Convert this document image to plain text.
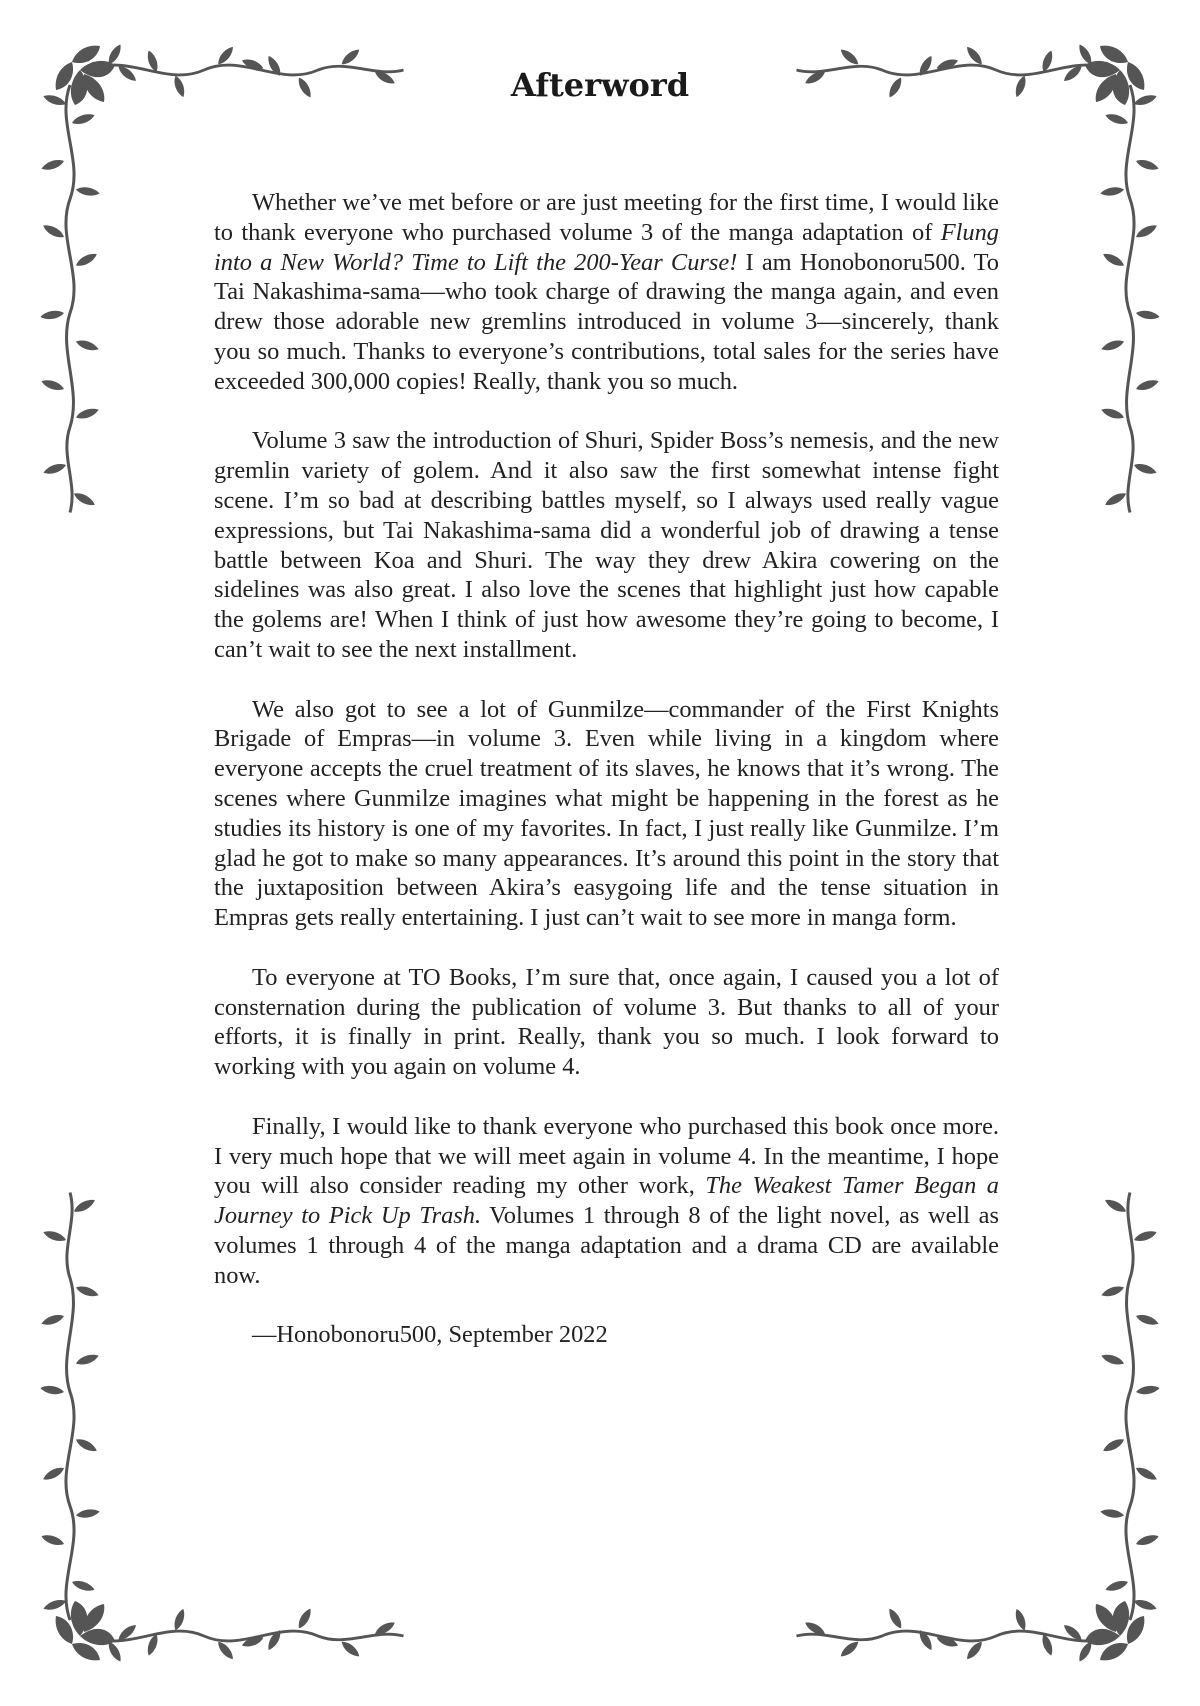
Afterword

Whether we’ve met before or are just meeting for the first time, I would like to thank everyone who purchased volume 3 of the manga adaptation of Flung into a New World? Time to Lift the 200-Year Curse! I am Honobonoru500. To Tai Nakashima-sama—who took charge of drawing the manga again, and even drew those adorable new gremlins introduced in volume 3—sincerely, thank you so much. Thanks to everyone’s contributions, total sales for the series have exceeded 300,000 copies! Really, thank you so much.

Volume 3 saw the introduction of Shuri, Spider Boss’s nemesis, and the new gremlin variety of golem. And it also saw the first somewhat intense fight scene. I’m so bad at describing battles myself, so I always used really vague expressions, but Tai Nakashima-sama did a wonderful job of drawing a tense battle between Koa and Shuri. The way they drew Akira cowering on the sidelines was also great. I also love the scenes that highlight just how capable the golems are! When I think of just how awesome they’re going to become, I can’t wait to see the next installment.

We also got to see a lot of Gunmilze—commander of the First Knights Brigade of Empras—in volume 3. Even while living in a kingdom where everyone accepts the cruel treatment of its slaves, he knows that it’s wrong. The scenes where Gunmilze imagines what might be happening in the forest as he studies its history is one of my favorites. In fact, I just really like Gunmilze. I’m glad he got to make so many appearances. It’s around this point in the story that the juxtaposition between Akira’s easygoing life and the tense situation in Empras gets really entertaining. I just can’t wait to see more in manga form.

To everyone at TO Books, I’m sure that, once again, I caused you a lot of consternation during the publication of volume 3. But thanks to all of your efforts, it is finally in print. Really, thank you so much. I look forward to working with you again on volume 4.

Finally, I would like to thank everyone who purchased this book once more. I very much hope that we will meet again in volume 4. In the meantime, I hope you will also consider reading my other work, The Weakest Tamer Began a Journey to Pick Up Trash. Volumes 1 through 8 of the light novel, as well as volumes 1 through 4 of the manga adaptation and a drama CD are available now.

—Honobonoru500, September 2022
